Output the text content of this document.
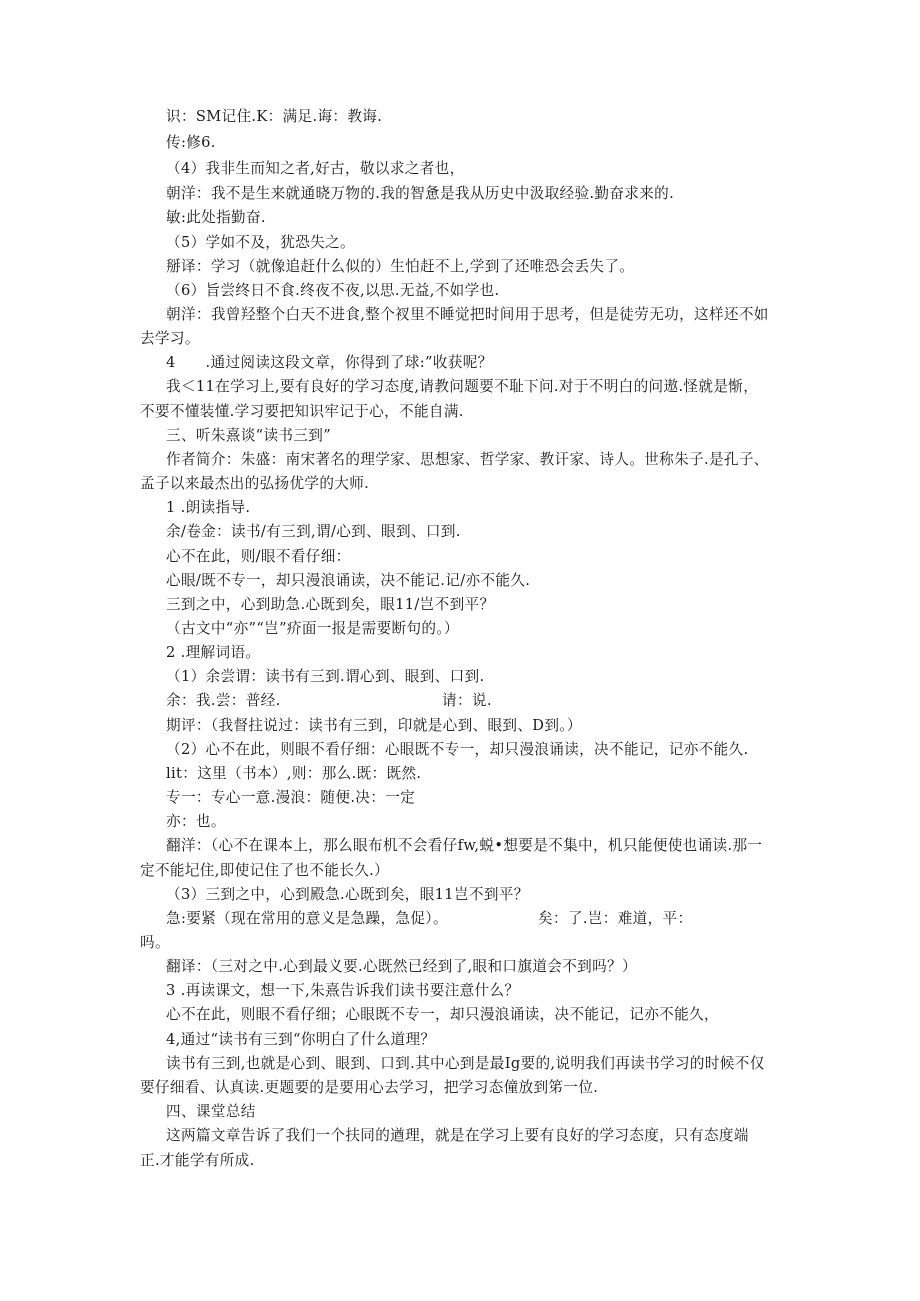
识：SM记住.K：满足.诲：教诲.
传:修6.
（4）我非生而知之者,好古，敬以求之者也，
朝洋：我不是生来就通晓万物的.我的智惫是我从历史中汲取经验.勤奋求来的.
敏:此处指勤奋.
（5）学如不及，犹恐失之。
掰译：学习（就像追赶什么似的）生怕赶不上,学到了还唯恐会丢失了。
（6）旨尝终日不食.终夜不夜,以思.无益,不如学也.
朝洋：我曾羟整个白天不进食,整个衩里不睡觉把时间用于思考，但是徒劳无功，这样还不如
去学习。
4　　.通过阅读这段文章，你得到了球:”收获呢？
我＜11在学习上,要有良好的学习态度,请教问题要不耻下问.对于不明白的问遨.怪就是惭，
不要不懂装懂.学习要把知识牢记于心，不能自满.
三、听朱熹谈“读书三到”
作者简介：朱盛：南宋著名的理学家、思想家、哲学家、教讦家、诗人。世称朱子.是孔子、
孟子以来最杰出的弘扬优学的大师.
1 .朗读指导.
余/卷金：读书/有三到,谓/心到、眼到、口到.
心不在此，则/眼不看仔细：
心眼/既不专一，却只漫浪诵读，决不能记.记/亦不能久.
三到之中，心到助急.心既到矣，眼11/岂不到平？
（古文中“亦”“岂”疥面一报是需要断句的。）
2 .理解词语。
（1）余尝谓：读书有三到.谓心到、眼到、口到.
余：我.尝：普经.	请：说.
期评：（我督拄说过：读书有三到，印就是心到、眼到、D到。）
（2）心不在此，则眼不看仔细：心眼既不专一，却只漫浪诵读，决不能记，记亦不能久.
lit：这里（书本）,则：那么.既：既然.
专一：专心一意.漫浪：随便.决：一定
亦：也。
翻洋：（心不在课本上，那么眼布机不会看仔fw,蜕•想要是不集中，机只能便使也诵读.那一
定不能圮住,即使记住了也不能长久.）
（3）三到之中，心到殿急.心既到矣，眼11岂不到平？
急:要紧（现在常用的意义是急躁，急促）。	矣：了.岂：难道，平：
吗。
翻译：（三对之中.心到最义要.心既然已经到了,眼和口旗道会不到吗？）
3 .再读课文，想一下,朱熹告诉我们读书要注意什么？
心不在此，则眼不看仔细；心眼既不专一，却只漫浪诵读，决不能记，记亦不能久，
4,通过“读书有三到“你明白了什么道理？
读书有三到,也就是心到、眼到、口到.其中心到是最Ig要的,说明我们再读书学习的时候不仅
要仔细看、认真读.更题要的是要用心去学习，把学习态僮放到笫一位.
四、课堂总结
这两篇文章告诉了我们一个扶同的遒理，就是在学习上要有良好的学习态度，只有态度端
正.才能学有所成.
